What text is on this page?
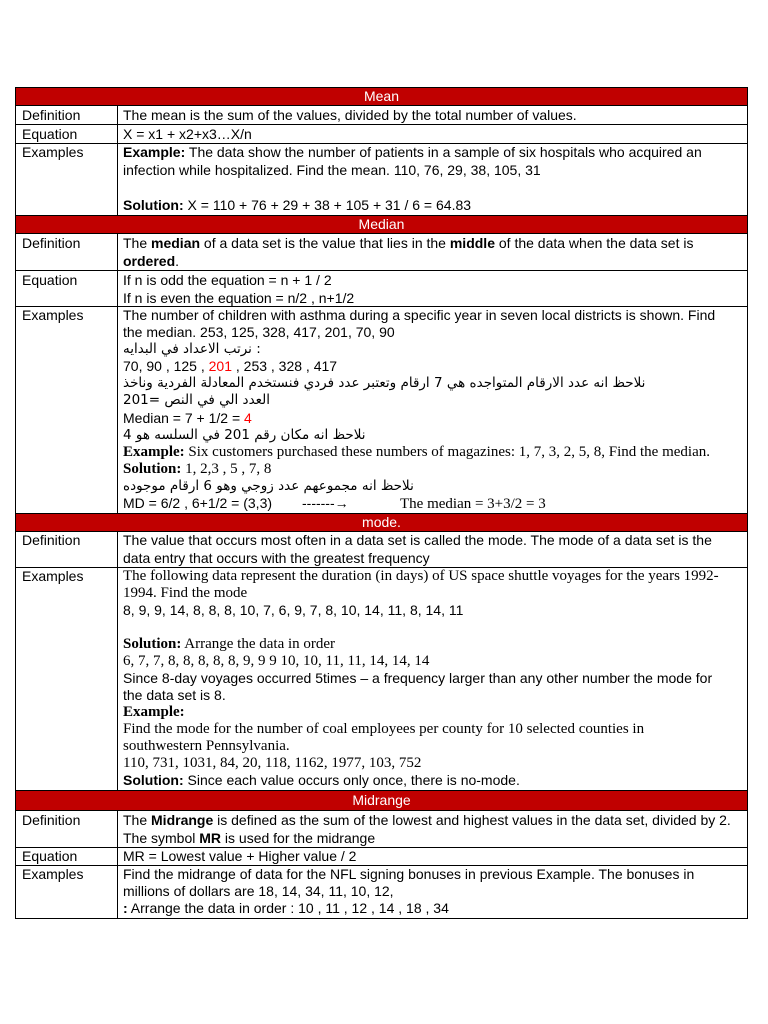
Mean
Definition	The mean is the sum of the values, divided by the total number of values.
Equation	X = x1 + x2+x3…X/n
Examples	Example: The data show the number of patients in a sample of six hospitals who acquired an
infection while hospitalized. Find the mean. 110, 76, 29, 38, 105, 31
Solution: X = 110 + 76 + 29 + 38 + 105 + 31 / 6 = 64.83
Median
Definition	The median of a data set is the value that lies in the middle of the data when the data set is
ordered.
Equation	If n is odd the equation = n + 1 / 2
If n is even the equation = n/2 , n+1/2
Examples	The number of children with asthma during a specific year in seven local districts is shown. Find
the median. 253, 125, 328, 417, 201, 70, 90
نرتب الاعداد في البدايه :
70, 90 , 125 , 201 , 253 , 328 , 417
نلاحظ انه عدد الارقام المتواجده هي 7 ارقام وتعتبر عدد فردي فنستخدم المعادلة الفردية وناخذ
العدد الي في النص =201
Median = 7 + 1/2 = 4
نلاحظ انه مكان رقم 201 في السلسه هو 4
Example: Six customers purchased these numbers of magazines: 1, 7, 3, 2, 5, 8, Find the median.
Solution: 1, 2,3 , 5 , 7, 8
نلاحظ انه مجموعهم عدد زوجي وهو 6 ارقام موجوده
MD = 6/2 , 6+1/2 = (3,3) -------→	The median = 3+3/2 = 3
mode.
Definition	The value that occurs most often in a data set is called the mode. The mode of a data set is the
data entry that occurs with the greatest frequency
Examples	The following data represent the duration (in days) of US space shuttle voyages for the years 1992-
1994. Find the mode
8, 9, 9, 14, 8, 8, 8, 10, 7, 6, 9, 7, 8, 10, 14, 11, 8, 14, 11
Solution: Arrange the data in order
6, 7, 7, 8, 8, 8, 8, 8, 9, 9 9 10, 10, 11, 11, 14, 14, 14
Since 8-day voyages occurred 5times – a frequency larger than any other number the mode for
the data set is 8.
Example:
Find the mode for the number of coal employees per county for 10 selected counties in
southwestern Pennsylvania.
110, 731, 1031, 84, 20, 118, 1162, 1977, 103, 752
Solution: Since each value occurs only once, there is no-mode.
Midrange
Definition	The Midrange is defined as the sum of the lowest and highest values in the data set, divided by 2.
The symbol MR is used for the midrange
Equation	MR = Lowest value + Higher value / 2
Examples	Find the midrange of data for the NFL signing bonuses in previous Example. The bonuses in
millions of dollars are 18, 14, 34, 11, 10, 12,
: Arrange the data in order : 10 , 11 , 12 , 14 , 18 , 34
